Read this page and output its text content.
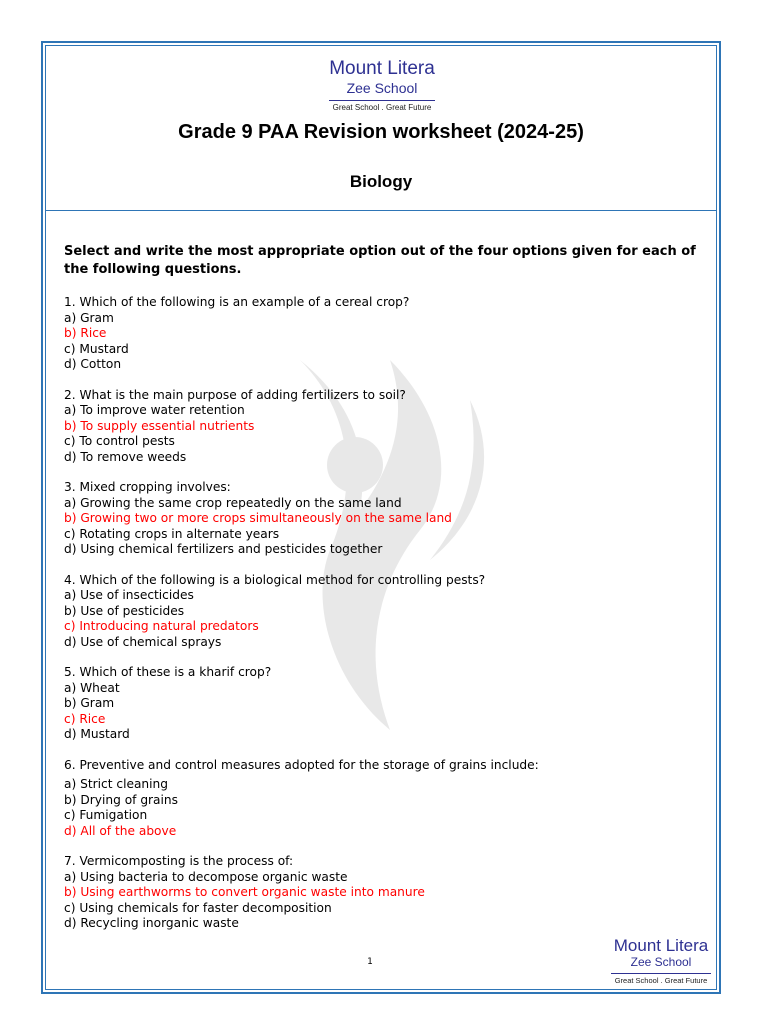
Mount Litera
Zee School
Great School . Great Future
Grade 9 PAA Revision worksheet (2024-25)
Biology
Select and write the most appropriate option out of the four options given for each of the following questions.
1. Which of the following is an example of a cereal crop?
a) Gram
b) Rice
c) Mustard
d) Cotton
2. What is the main purpose of adding fertilizers to soil?
a) To improve water retention
b) To supply essential nutrients
c) To control pests
d) To remove weeds
3. Mixed cropping involves:
a) Growing the same crop repeatedly on the same land
b) Growing two or more crops simultaneously on the same land
c) Rotating crops in alternate years
d) Using chemical fertilizers and pesticides together
4. Which of the following is a biological method for controlling pests?
a) Use of insecticides
b) Use of pesticides
c) Introducing natural predators
d) Use of chemical sprays
5. Which of these is a kharif crop?
a) Wheat
b) Gram
c) Rice
d) Mustard
6. Preventive and control measures adopted for the storage of grains include:
a) Strict cleaning
b) Drying of grains
c) Fumigation
d) All of the above
7. Vermicomposting is the process of:
a) Using bacteria to decompose organic waste
b) Using earthworms to convert organic waste into manure
c) Using chemicals for faster decomposition
d) Recycling inorganic waste
Mount Litera
Zee School
Great School . Great Future
1
